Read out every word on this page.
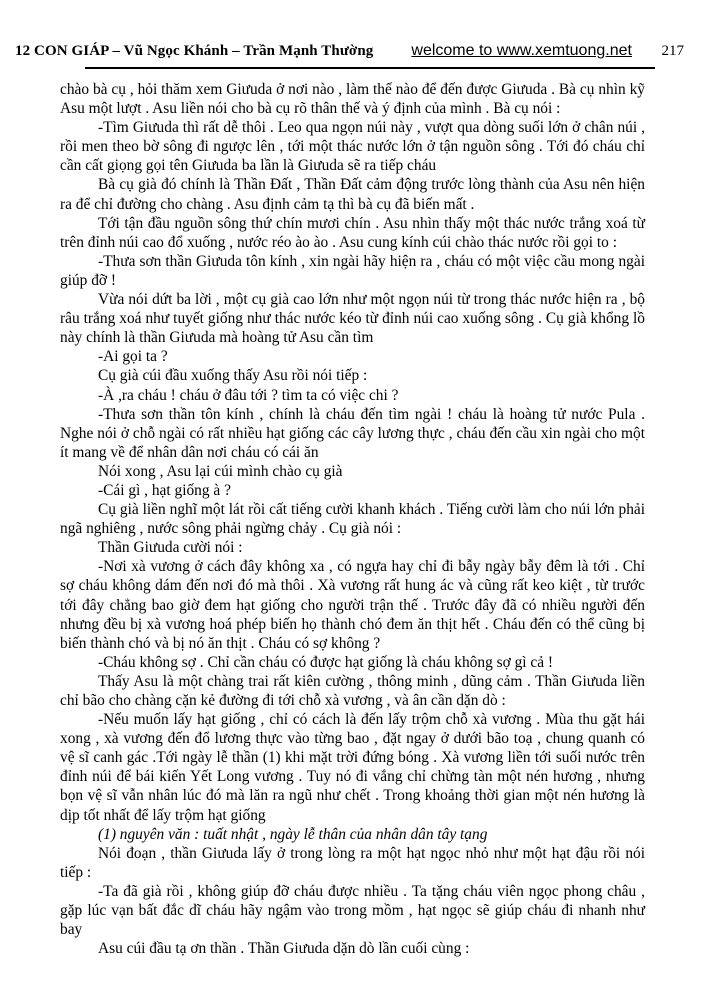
12 CON GIÁP – Vũ Ngọc Khánh – Trần Mạnh Thường welcome to www.xemtuong.net 217

chào bà cụ , hỏi thăm xem Giưuda ở nơi nào , làm thế nào để đến được Giưuda . Bà cụ nhìn kỹ Asu một lượt . Asu liền nói cho bà cụ rõ thân thế và ý định của mình . Bà cụ nói :

-Tìm Giưuda thì rất dễ thôi . Leo qua ngọn núi này , vượt qua dòng suối lớn ở chân núi , rồi men theo bờ sông đi ngược lên , tới một thác nước lớn ở tận nguồn sông . Tới đó cháu chỉ cần cất giọng gọi tên Giưuda ba lần là Giưuda sẽ ra tiếp cháu

Bà cụ già đó chính là Thần Đất , Thần Đất cảm động trước lòng thành của Asu nên hiện ra để chỉ đường cho chàng . Asu định cảm tạ thì bà cụ đã biến mất .

Tới tận đầu nguồn sông thứ chín mươi chín . Asu nhìn thấy một thác nước trắng xoá từ trên đỉnh núi cao đổ xuống , nước réo ào ào . Asu cung kính cúi chào thác nước rồi gọi to :

-Thưa sơn thần Giưuda tôn kính , xin ngài hãy hiện ra , cháu có một việc cầu mong ngài giúp đỡ !

Vừa nói dứt ba lời , một cụ già cao lớn như một ngọn núi từ trong thác nước hiện ra , bộ râu trắng xoá như tuyết giống như thác nước kéo từ đỉnh núi cao xuống sông . Cụ già khổng lồ này chính là thần Giưuda mà hoàng tử Asu cần tìm

-Ai gọi ta ?

Cụ già cúi đầu xuống thấy Asu rồi nói tiếp :

-À ,ra cháu ! cháu ở đâu tới ? tìm ta có việc chi ?

-Thưa sơn thần tôn kính , chính là cháu đến tìm ngài ! cháu là hoàng tử nước Pula . Nghe nói ở chỗ ngài có rất nhiều hạt giống các cây lương thực , cháu đến cầu xin ngài cho một ít mang về để nhân dân nơi cháu có cái ăn

Nói xong , Asu lại cúi mình chào cụ già

-Cái gì , hạt giống à ?

Cụ già liền nghĩ một lát rồi cất tiếng cười khanh khách . Tiếng cười làm cho núi lớn phải ngã nghiêng , nước sông phải ngừng chảy . Cụ già nói :

Thần Giưuda cười nói :

-Nơi xà vương ở cách đây không xa , có ngựa hay chỉ đi bẫy ngày bẫy đêm là tới . Chỉ sợ cháu không dám đến nơi đó mà thôi . Xà vương rất hung ác và cũng rất keo kiệt , từ trước tới đây chẳng bao giờ đem hạt giống cho người trận thế . Trước đây đã có nhiều người đến nhưng đều bị xà vương hoá phép biến họ thành chó đem ăn thịt hết . Cháu đến có thể cũng bị biến thành chó và bị nó ăn thịt . Cháu có sợ không ?

-Cháu không sợ . Chỉ cần cháu có được hạt giống là cháu không sợ gì cả !

Thấy Asu là một chàng trai rất kiên cường , thông minh , dũng cảm . Thần Giưuda liền chỉ bão cho chàng cặn kẻ đường đi tới chỗ xà vương , và ân cần dặn dò :

-Nếu muốn lấy hạt giống , chỉ có cách là đến lấy trộm chỗ xà vương . Mùa thu gặt hái xong , xà vương đến đổ lương thực vào từng bao , đặt ngay ở dưới bão toạ , chung quanh có vệ sĩ canh gác .Tới ngày lễ thần (1) khi mặt trời đứng bóng . Xà vương liền tới suối nước trên đỉnh núi để bái kiến Yết Long vương . Tuy nó đi vắng chỉ chừng tàn một nén hương , nhưng bọn vệ sĩ vẫn nhân lúc đó mà lăn ra ngũ như chết . Trong khoảng thời gian một nén hương là dịp tốt nhất để lấy trộm hạt giống

(1) nguyên văn : tuất nhật , ngày lễ thân của nhân dân tây tạng

Nói đoạn , thần Giưuda lấy ở trong lòng ra một hạt ngọc nhỏ như một hạt đậu rồi nói tiếp :

-Ta đã già rồi , không giúp đỡ cháu được nhiều . Ta tặng cháu viên ngọc phong châu , gặp lúc vạn bất đắc dĩ cháu hãy ngậm vào trong mồm , hạt ngọc sẽ giúp cháu đi nhanh như bay

Asu cúi đầu tạ ơn thần . Thần Giưuda dặn dò lần cuối cùng :
